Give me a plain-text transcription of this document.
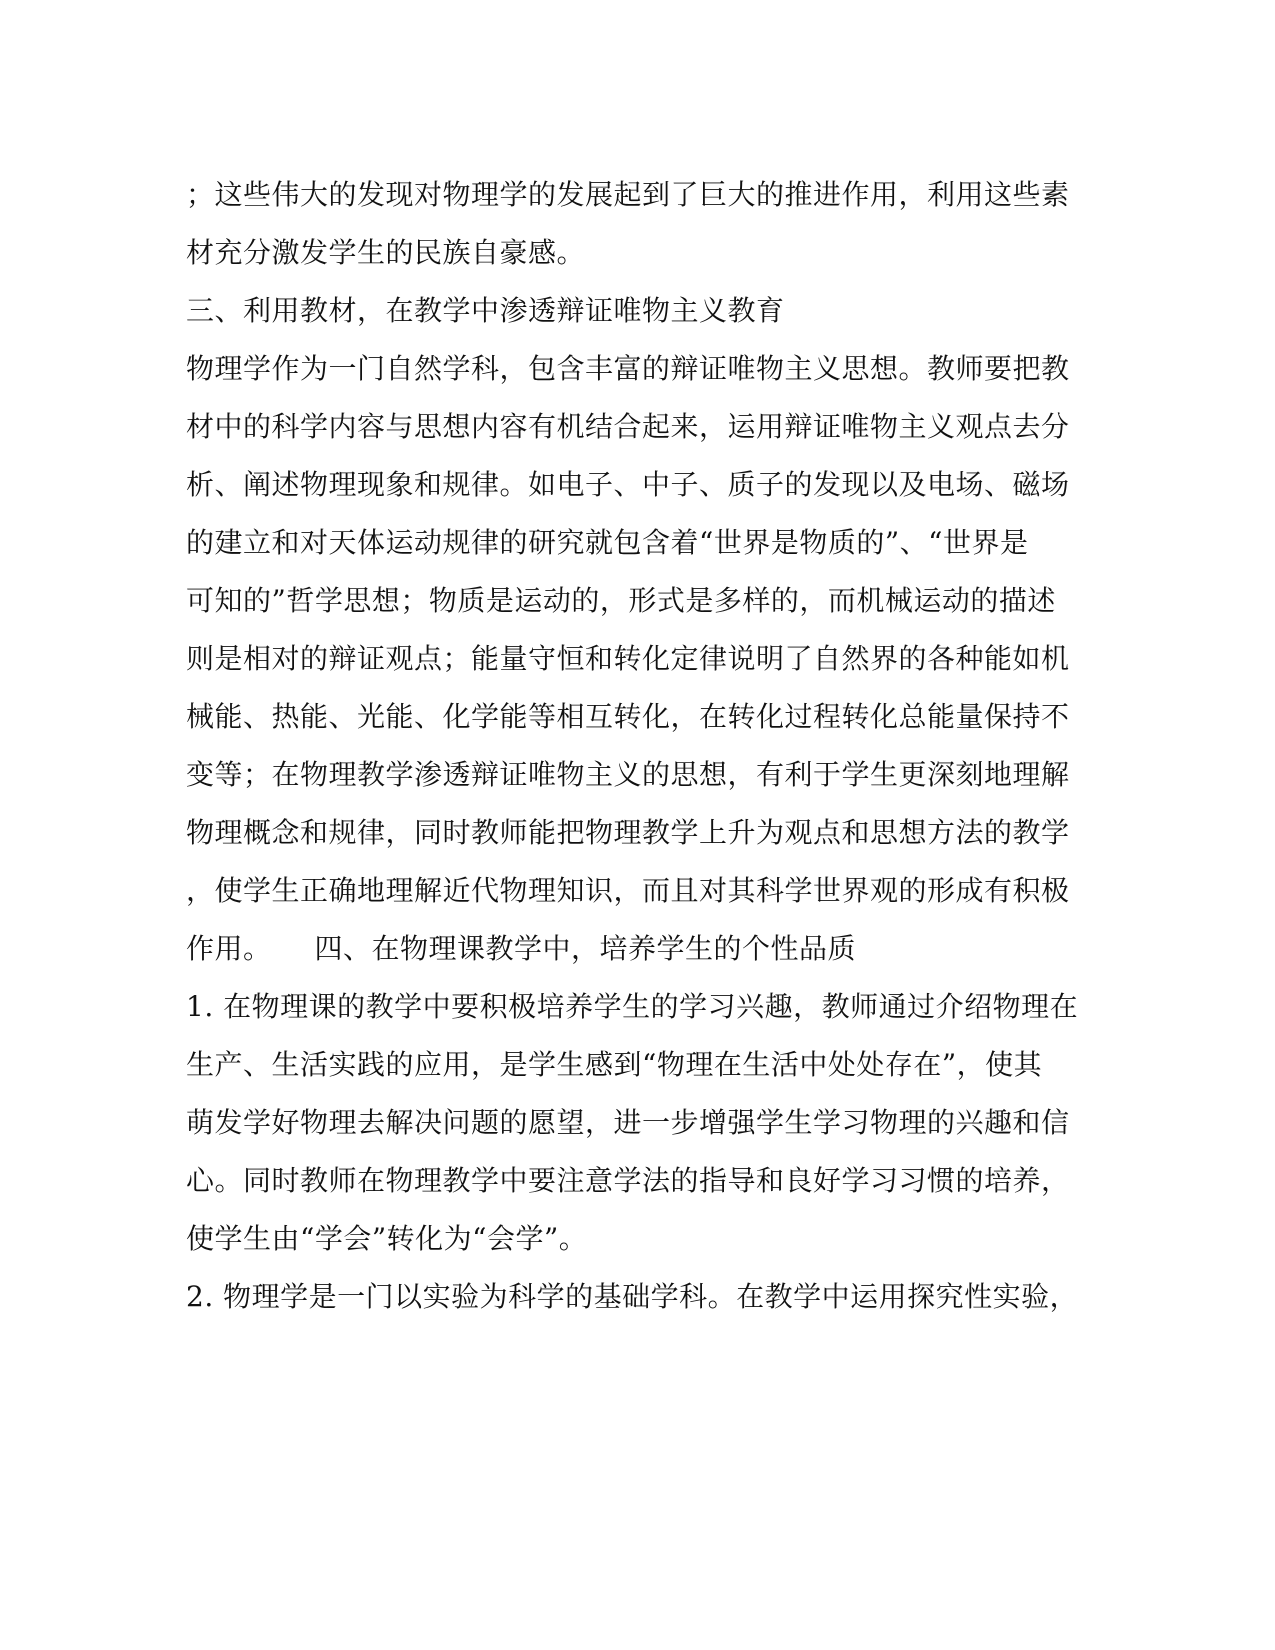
；这些伟大的发现对物理学的发展起到了巨大的推进作用，利用这些素
材充分激发学生的民族自豪感。
三、利用教材，在教学中渗透辩证唯物主义教育
物理学作为一门自然学科，包含丰富的辩证唯物主义思想。教师要把教
材中的科学内容与思想内容有机结合起来，运用辩证唯物主义观点去分
析、阐述物理现象和规律。如电子、中子、质子的发现以及电场、磁场
的建立和对天体运动规律的研究就包含着“世界是物质的”、“世界是
可知的”哲学思想；物质是运动的，形式是多样的，而机械运动的描述
则是相对的辩证观点；能量守恒和转化定律说明了自然界的各种能如机
械能、热能、光能、化学能等相互转化，在转化过程转化总能量保持不
变等；在物理教学渗透辩证唯物主义的思想，有利于学生更深刻地理解
物理概念和规律，同时教师能把物理教学上升为观点和思想方法的教学
，使学生正确地理解近代物理知识，而且对其科学世界观的形成有积极
作用。　　四、在物理课教学中，培养学生的个性品质
1. 在物理课的教学中要积极培养学生的学习兴趣，教师通过介绍物理在
生产、生活实践的应用，是学生感到“物理在生活中处处存在”，使其
萌发学好物理去解决问题的愿望，进一步增强学生学习物理的兴趣和信
心。同时教师在物理教学中要注意学法的指导和良好学习习惯的培养，
使学生由“学会”转化为“会学”。
2. 物理学是一门以实验为科学的基础学科。在教学中运用探究性实验，
